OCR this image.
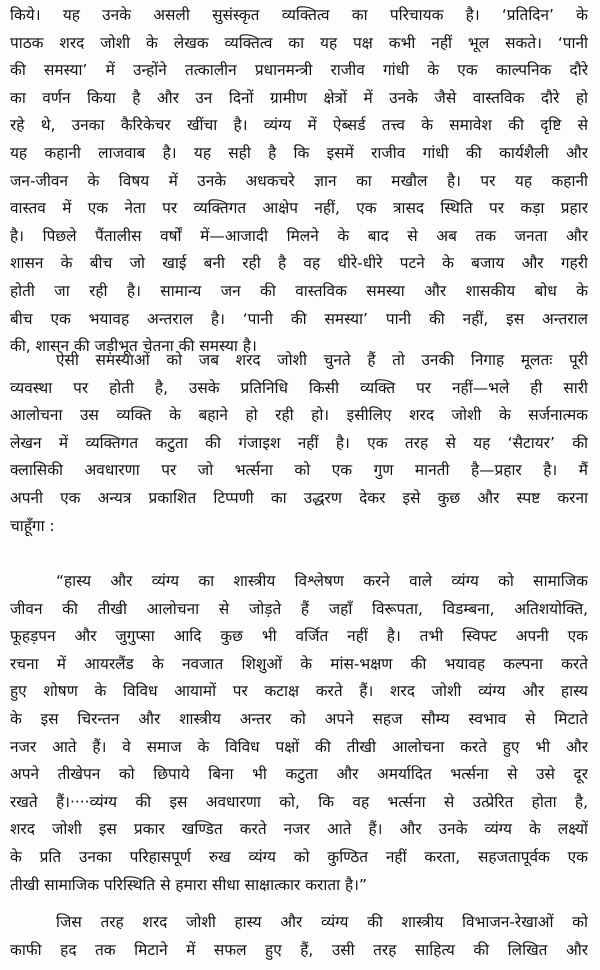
किये। यह उनके असली सुसंस्कृत व्यक्तित्व का परिचायक है। ‘प्रतिदिन’ के
पाठक शरद जोशी के लेखक व्यक्तित्व का यह पक्ष कभी नहीं भूल सकते। ‘पानी
की समस्या’ में उन्होंने तत्कालीन प्रधानमन्त्री राजीव गांधी के एक काल्पनिक दौरे
का वर्णन किया है और उन दिनों ग्रामीण क्षेत्रों में उनके जैसे वास्तविक दौरे हो
रहे थे, उनका कैरिकेचर खींचा है। व्यंग्य में ऐब्सर्ड तत्त्व के समावेश की दृष्टि से
यह कहानी लाजवाब है। यह सही है कि इसमें राजीव गांधी की कार्यशैली और
जन-जीवन के विषय में उनके अधकचरे ज्ञान का मखौल है। पर यह कहानी
वास्तव में एक नेता पर व्यक्तिगत आक्षेप नहीं, एक त्रासद स्थिति पर कड़ा प्रहार
है। पिछले पैंतालीस वर्षों में—आजादी मिलने के बाद से अब तक जनता और
शासन के बीच जो खाई बनी रही है वह धीरे-धीरे पटने के बजाय और गहरी
होती जा रही है। सामान्य जन की वास्तविक समस्या और शासकीय बोध के
बीच एक भयावह अन्तराल है। ‘पानी की समस्या’ पानी की नहीं, इस अन्तराल
की, शासन की जड़ीभूत चेतना की समस्या है।
ऐसी समस्याओं को जब शरद जोशी चुनते हैं तो उनकी निगाह मूलतः पूरी
व्यवस्था पर होती है, उसके प्रतिनिधि किसी व्यक्ति पर नहीं—भले ही सारी
आलोचना उस व्यक्ति के बहाने हो रही हो। इसीलिए शरद जोशी के सर्जनात्मक
लेखन में व्यक्तिगत कटुता की गंजाइश नहीं है। एक तरह से यह ‘सैटायर’ की
क्लासिकी अवधारणा पर जो भर्त्सना को एक गुण मानती है—प्रहार है। मैं
अपनी एक अन्यत्र प्रकाशित टिप्पणी का उद्धरण देकर इसे कुछ और स्पष्ट करना
चाहूँगा :
“हास्य और व्यंग्य का शास्त्रीय विश्लेषण करने वाले व्यंग्य को सामाजिक
जीवन की तीखी आलोचना से जोड़ते हैं जहाँ विरूपता, विडम्बना, अतिशयोक्ति,
फूहड़पन और जुगुप्सा आदि कुछ भी वर्जित नहीं है। तभी स्विफ्ट अपनी एक
रचना में आयरलैंड के नवजात शिशुओं के मांस-भक्षण की भयावह कल्पना करते
हुए शोषण के विविध आयामों पर कटाक्ष करते हैं। शरद जोशी व्यंग्य और हास्य
के इस चिरन्तन और शास्त्रीय अन्तर को अपने सहज सौम्य स्वभाव से मिटाते
नजर आते हैं। वे समाज के विविध पक्षों की तीखी आलोचना करते हुए भी और
अपने तीखेपन को छिपाये बिना भी कटुता और अमर्यादित भर्त्सना से उसे दूर
रखते हैं।····व्यंग्य की इस अवधारणा को, कि वह भर्त्सना से उत्प्रेरित होता है,
शरद जोशी इस प्रकार खण्डित करते नजर आते हैं। और उनके व्यंग्य के लक्ष्यों
के प्रति उनका परिहासपूर्ण रुख व्यंग्य को कुण्ठित नहीं करता, सहजतापूर्वक एक
तीखी सामाजिक परिस्थिति से हमारा सीधा साक्षात्कार कराता है।”
जिस तरह शरद जोशी हास्य और व्यंग्य की शास्त्रीय विभाजन-रेखाओं को
काफी हद तक मिटाने में सफल हुए हैं, उसी तरह साहित्य की लिखित और
